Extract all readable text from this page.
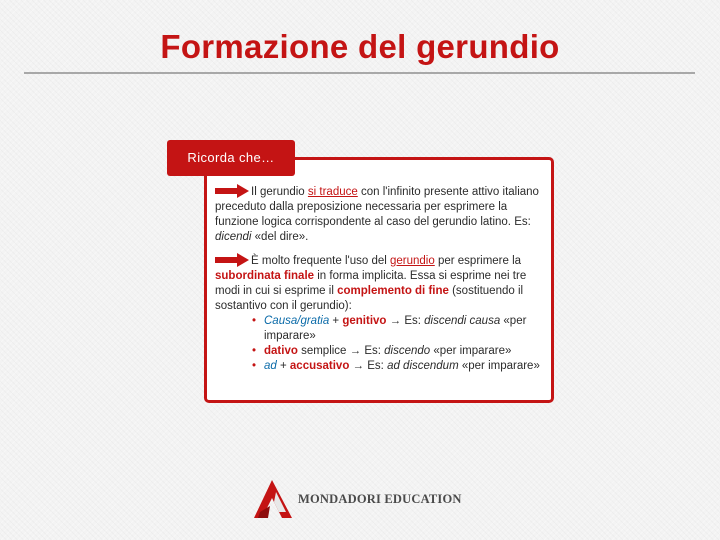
Formazione del gerundio
Ricorda che…

Il gerundio si traduce con l'infinito presente attivo italiano preceduto dalla preposizione necessaria per esprimere la funzione logica corrispondente al caso del gerundio latino. Es: dicendi «del dire».

È molto frequente l'uso del gerundio per esprimere la subordinata finale in forma implicita. Essa si esprime nei tre modi in cui si esprime il complemento di fine (sostituendo il sostantivo con il gerundio):

• Causa/gratia + genitivo → Es: discendi causa «per imparare»
• dativo semplice → Es: discendo «per imparare»
• ad + accusativo → Es: ad discendum «per imparare»
MONDADORI EDUCATION
